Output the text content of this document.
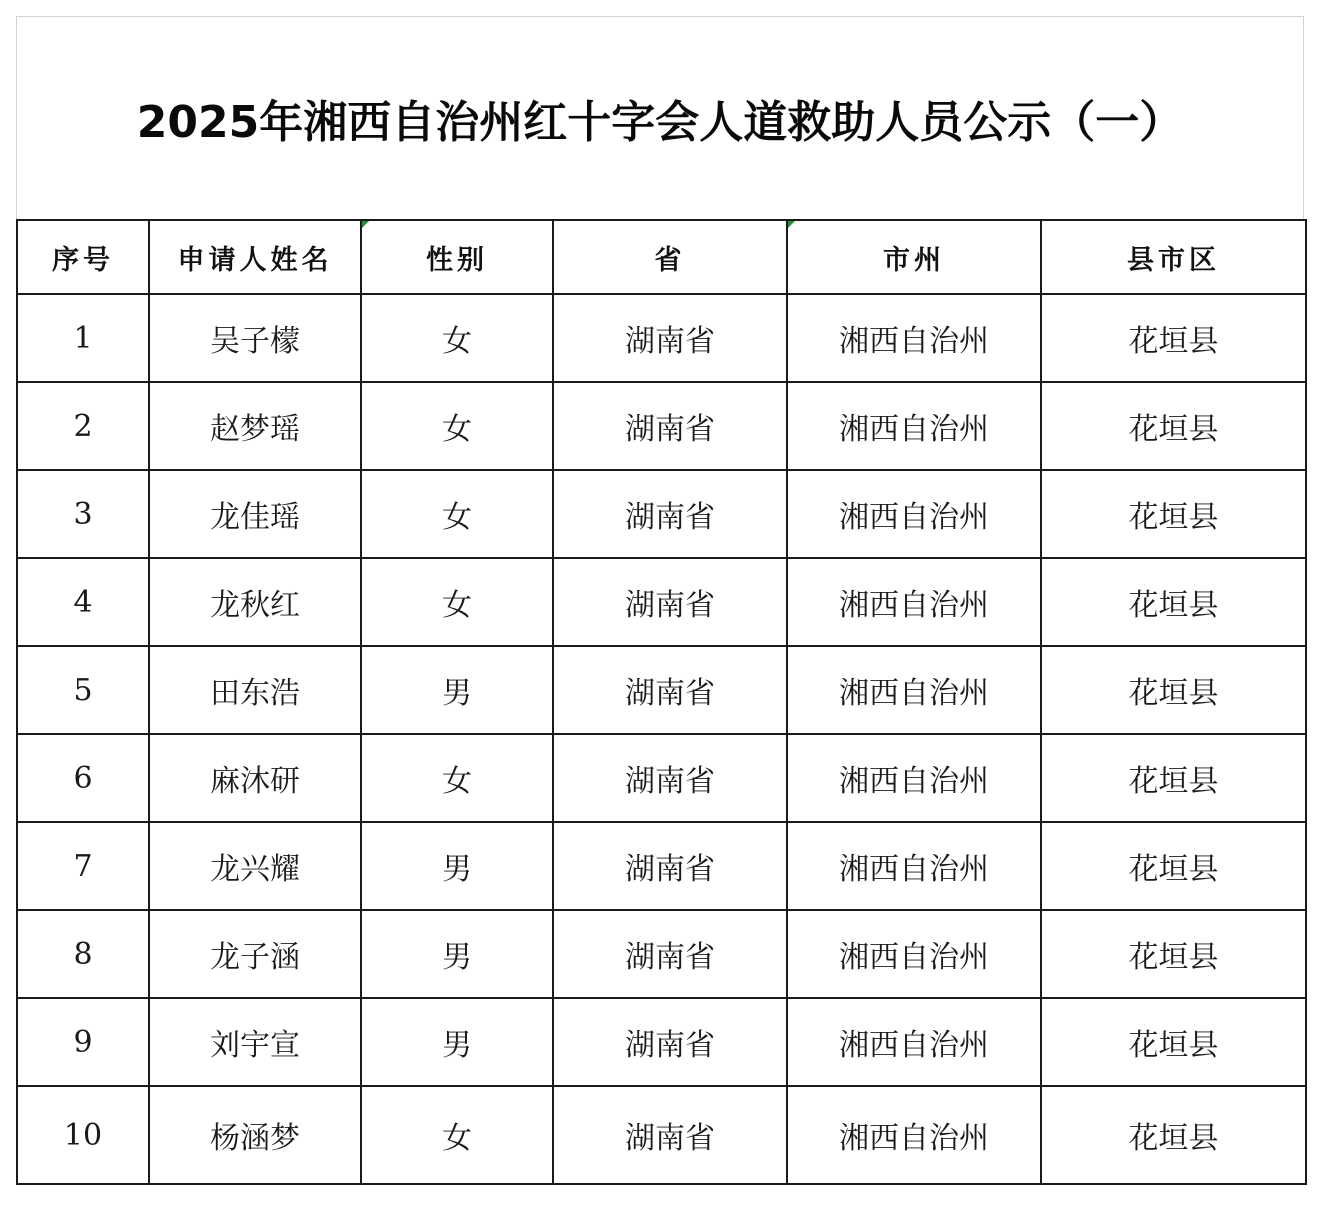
2025年湘西自治州红十字会人道救助人员公示（一）
序号	申请人姓名	性别	省	市州	县市区
1	吴子檬	女	湖南省	湘西自治州	花垣县
2	赵梦瑶	女	湖南省	湘西自治州	花垣县
3	龙佳瑶	女	湖南省	湘西自治州	花垣县
4	龙秋红	女	湖南省	湘西自治州	花垣县
5	田东浩	男	湖南省	湘西自治州	花垣县
6	麻沐研	女	湖南省	湘西自治州	花垣县
7	龙兴耀	男	湖南省	湘西自治州	花垣县
8	龙子涵	男	湖南省	湘西自治州	花垣县
9	刘宇宣	男	湖南省	湘西自治州	花垣县
10	杨涵梦	女	湖南省	湘西自治州	花垣县
